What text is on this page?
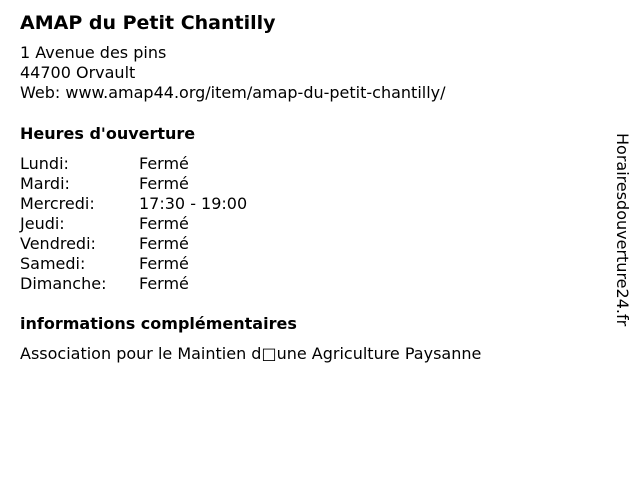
AMAP du Petit Chantilly
1 Avenue des pins
44700 Orvault
Web: www.amap44.org/item/amap-du-petit-chantilly/
Heures d'ouverture
Lundi:	Fermé
Mardi:	Fermé
Mercredi:	17:30 - 19:00
Jeudi:	Fermé
Vendredi:	Fermé
Samedi:	Fermé
Dimanche: Fermé
informations complémentaires
Association pour le Maintien d□une Agriculture Paysanne
Horairesdouverture24.fr
